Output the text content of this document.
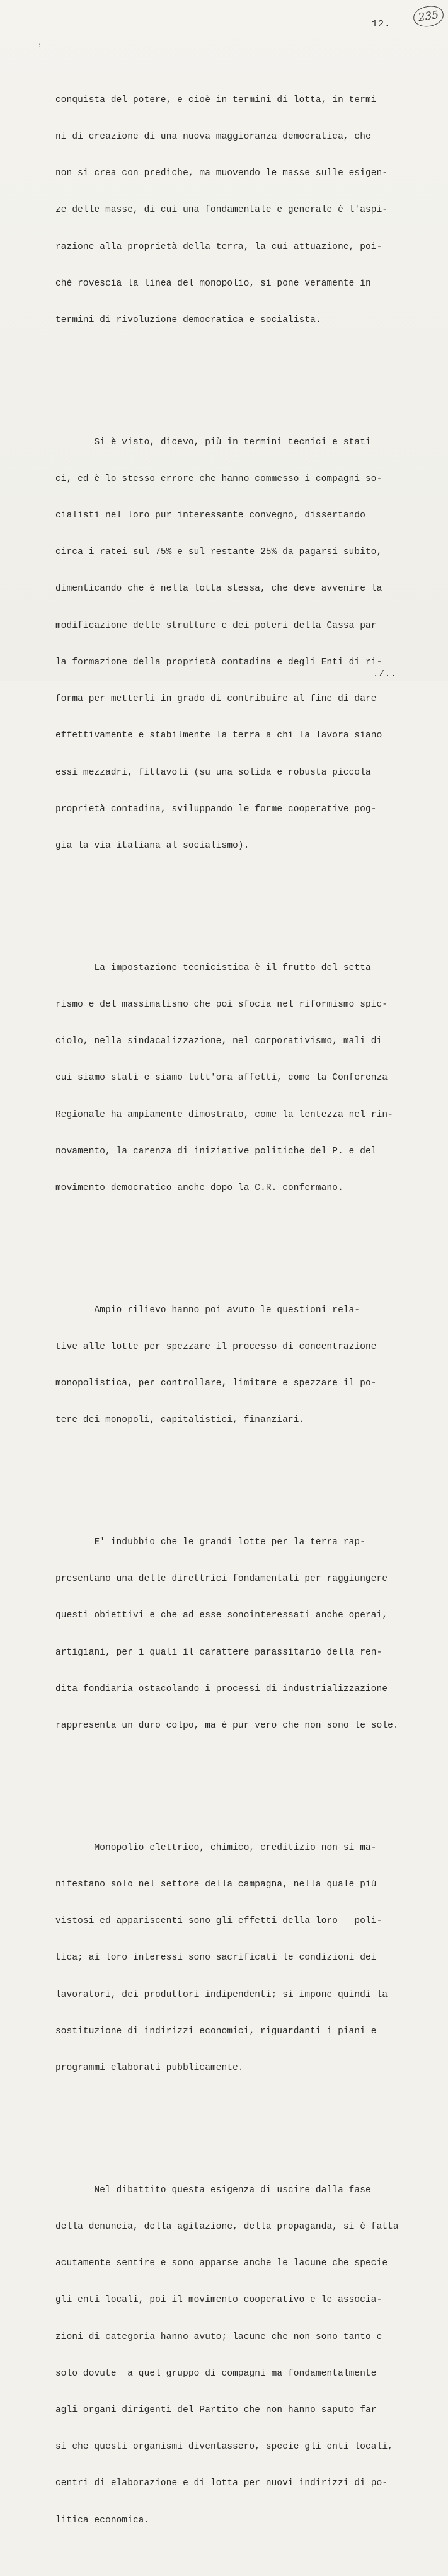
12.
235
:

conquista del potere, e cioè in termini di lotta, in termi

ni di creazione di una nuova maggioranza democratica, che

non si crea con prediche, ma muovendo le masse sulle esigen-

ze delle masse, di cui una fondamentale e generale è l'aspi-

razione alla proprietà della terra, la cui attuazione, poi-

chè rovescia la linea del monopolio, si pone veramente in

termini di rivoluzione democratica e socialista.

Si è visto, dicevo, più in termini tecnici e stati

ci, ed è lo stesso errore che hanno commesso i compagni so-

cialisti nel loro pur interessante convegno, dissertando

circa i ratei sul 75% e sul restante 25% da pagarsi subito,

dimenticando che è nella lotta stessa, che deve avvenire la

modificazione delle strutture e dei poteri della Cassa par

la formazione della proprietà contadina e degli Enti di ri-

forma per metterli in grado di contribuire al fine di dare

effettivamente e stabilmente la terra a chi la lavora siano

essi mezzadri, fittavoli (su una solida e robusta piccola

proprietà contadina, sviluppando le forme cooperative pog-

gia la via italiana al socialismo).

La impostazione tecnicistica è il frutto del setta

rismo e del massimalismo che poi sfocia nel riformismo spic-

ciolo, nella sindacalizzazione, nel corporativismo, mali di

cui siamo stati e siamo tutt'ora affetti, come la Conferenza

Regionale ha ampiamente dimostrato, come la lentezza nel rin-

novamento, la carenza di iniziative politiche del P. e del

movimento democratico anche dopo la C.R. confermano.

Ampio rilievo hanno poi avuto le questioni rela-

tive alle lotte per spezzare il processo di concentrazione

monopolistica, per controllare, limitare e spezzare il po-

tere dei monopoli, capitalistici, finanziari.

E' indubbio che le grandi lotte per la terra rap-

presentano una delle direttrici fondamentali per raggiungere

questi obiettivi e che ad esse sonointeressati anche operai,

artigiani, per i quali il carattere parassitario della ren-

dita fondiaria ostacolando i processi di industrializzazione

rappresenta un duro colpo, ma è pur vero che non sono le sole.

Monopolio elettrico, chimico, creditizio non si ma-

nifestano solo nel settore della campagna, nella quale più

vistosi ed appariscenti sono gli effetti della loro   poli-

tica; ai loro interessi sono sacrificati le condizioni dei

lavoratori, dei produttori indipendenti; si impone quindi la

sostituzione di indirizzi economici, riguardanti i piani e

programmi elaborati pubblicamente.

Nel dibattito questa esigenza di uscire dalla fase

della denuncia, della agitazione, della propaganda, si è fatta

acutamente sentire e sono apparse anche le lacune che specie

gli enti locali, poi il movimento cooperativo e le associa-

zioni di categoria hanno avuto; lacune che non sono tanto e

solo dovute  a quel gruppo di compagni ma fondamentalmente

agli organi dirigenti del Partito che non hanno saputo far

sì che questi organismi diventassero, specie gli enti locali,

centri di elaborazione e di lotta per nuovi indirizzi di po-

litica economica.

./..
